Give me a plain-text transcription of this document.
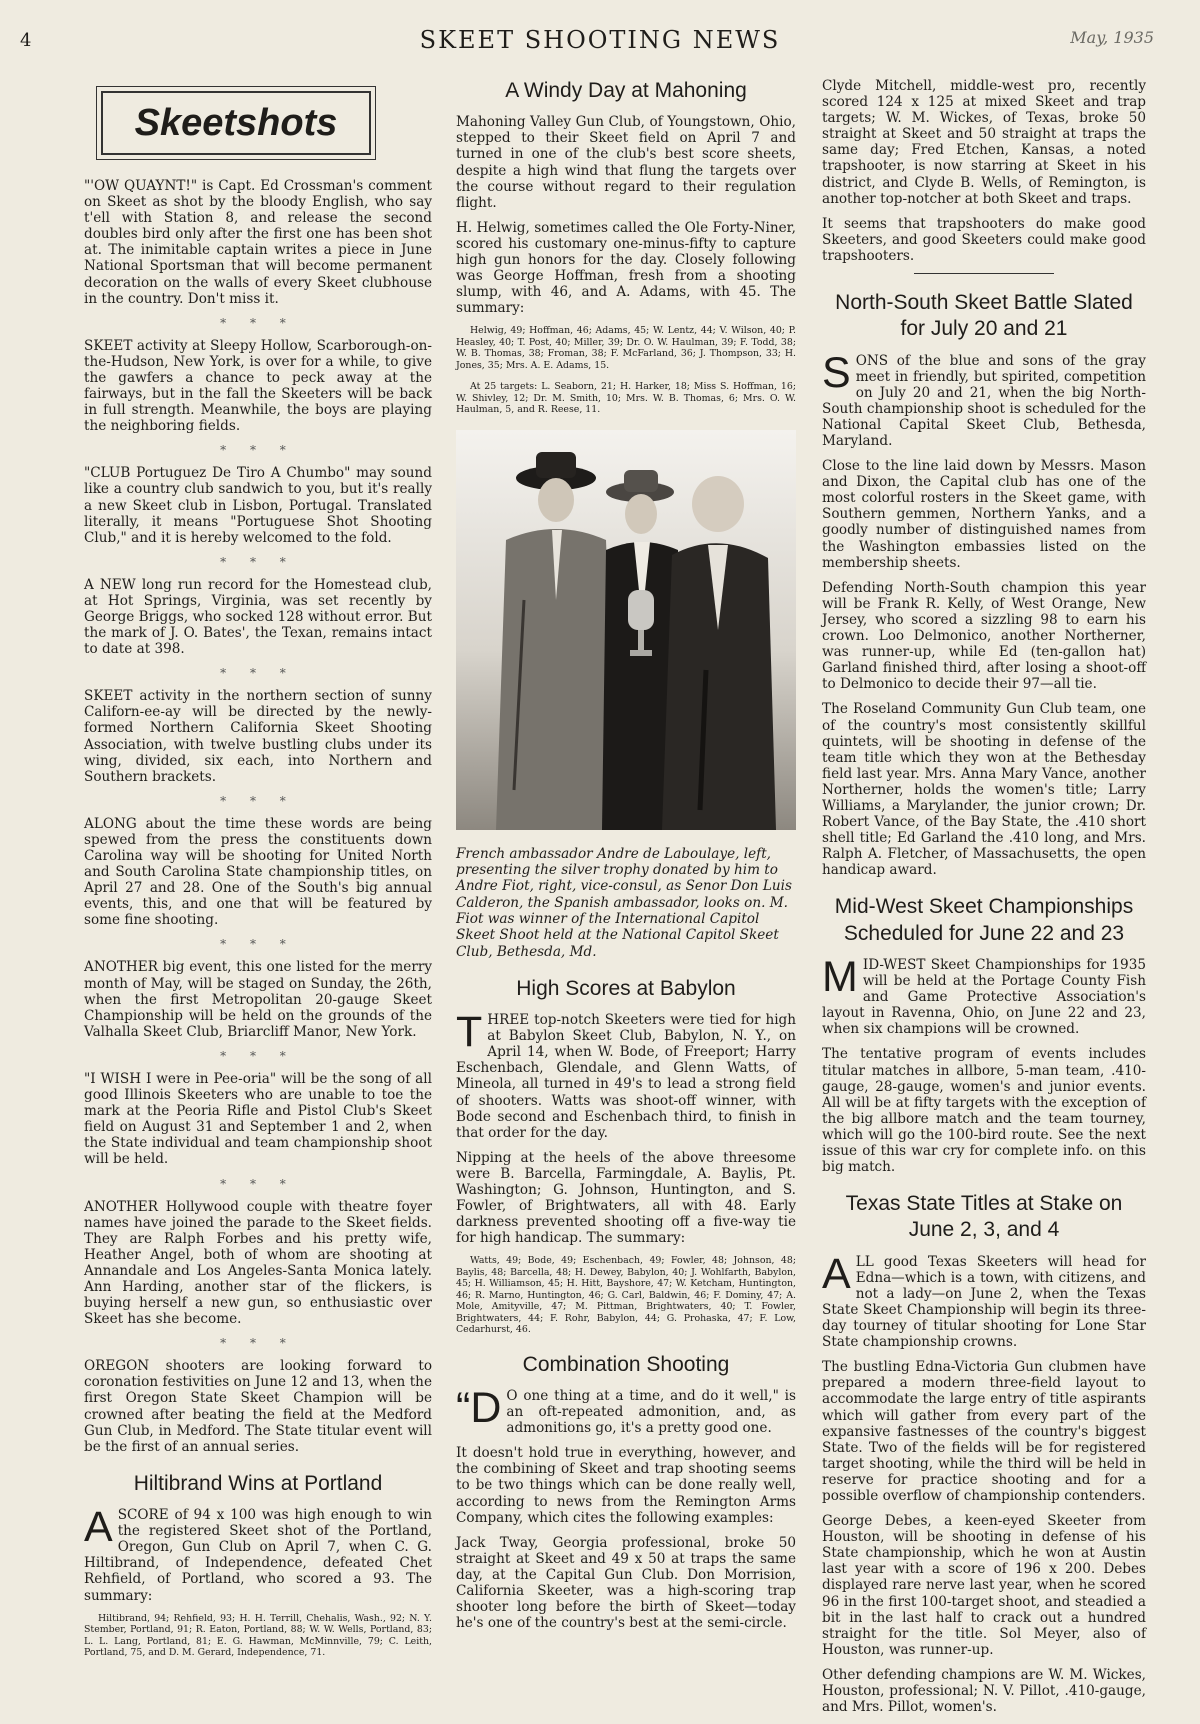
4	SKEET SHOOTING NEWS	May, 1935
Skeetshots

"'OW QUAYNT!" is Capt. Ed Crossman's comment on Skeet as shot by the bloody English, who say t'ell with Station 8, and release the second doubles bird only after the first one has been shot at. The inimitable captain writes a piece in June National Sportsman that will become permanent decoration on the walls of every Skeet clubhouse in the country. Don't miss it.

* * *

SKEET activity at Sleepy Hollow, Scarborough-on-the-Hudson, New York, is over for a while, to give the gawfers a chance to peck away at the fairways, but in the fall the Skeeters will be back in full strength. Meanwhile, the boys are playing the neighboring fields.

* * *

"CLUB Portuguez De Tiro A Chumbo" may sound like a country club sandwich to you, but it's really a new Skeet club in Lisbon, Portugal. Translated literally, it means "Portuguese Shot Shooting Club," and it is hereby welcomed to the fold.

* * *

A NEW long run record for the Homestead club, at Hot Springs, Virginia, was set recently by George Briggs, who socked 128 without error. But the mark of J. O. Bates', the Texan, remains intact to date at 398.

* * *

SKEET activity in the northern section of sunny Californ-ee-ay will be directed by the newly-formed Northern California Skeet Shooting Association, with twelve bustling clubs under its wing, divided, six each, into Northern and Southern brackets.

* * *

ALONG about the time these words are being spewed from the press the constituents down Carolina way will be shooting for United North and South Carolina State championship titles, on April 27 and 28. One of the South's big annual events, this, and one that will be featured by some fine shooting.

* * *

ANOTHER big event, this one listed for the merry month of May, will be staged on Sunday, the 26th, when the first Metropolitan 20-gauge Skeet Championship will be held on the grounds of the Valhalla Skeet Club, Briarcliff Manor, New York.

* * *

"I WISH I were in Pee-oria" will be the song of all good Illinois Skeeters who are unable to toe the mark at the Peoria Rifle and Pistol Club's Skeet field on August 31 and September 1 and 2, when the State individual and team championship shoot will be held.

* * *

ANOTHER Hollywood couple with theatre foyer names have joined the parade to the Skeet fields. They are Ralph Forbes and his pretty wife, Heather Angel, both of whom are shooting at Annandale and Los Angeles-Santa Monica lately. Ann Harding, another star of the flickers, is buying herself a new gun, so enthusiastic over Skeet has she become.

* * *

OREGON shooters are looking forward to coronation festivities on June 12 and 13, when the first Oregon State Skeet Champion will be crowned after beating the field at the Medford Gun Club, in Medford. The State titular event will be the first of an annual series.

Hiltibrand Wins at Portland

ASCORE of 94 x 100 was high enough to win the registered Skeet shot of the Portland, Oregon, Gun Club on April 7, when C. G. Hiltibrand, of Independence, defeated Chet Rehfield, of Portland, who scored a 93. The summary:

Hiltibrand, 94; Rehfield, 93; H. H. Terrill, Chehalis, Wash., 92; N. Y. Stember, Portland, 91; R. Eaton, Portland, 88; W. W. Wells, Portland, 83; L. L. Lang, Portland, 81; E. G. Hawman, McMinnville, 79; C. Leith, Portland, 75, and D. M. Gerard, Independence, 71.

A Windy Day at Mahoning

Mahoning Valley Gun Club, of Youngstown, Ohio, stepped to their Skeet field on April 7 and turned in one of the club's best score sheets, despite a high wind that flung the targets over the course without regard to their regulation flight.

H. Helwig, sometimes called the Ole Forty-Niner, scored his customary one-minus-fifty to capture high gun honors for the day. Closely following was George Hoffman, fresh from a shooting slump, with 46, and A. Adams, with 45. The summary:

Helwig, 49; Hoffman, 46; Adams, 45; W. Lentz, 44; V. Wilson, 40; P. Heasley, 40; T. Post, 40; Miller, 39; Dr. O. W. Haulman, 39; F. Todd, 38; W. B. Thomas, 38; Froman, 38; F. McFarland, 36; J. Thompson, 33; H. Jones, 35; Mrs. A. E. Adams, 15.

At 25 targets: L. Seaborn, 21; H. Harker, 18; Miss S. Hoffman, 16; W. Shivley, 12; Dr. M. Smith, 10; Mrs. W. B. Thomas, 6; Mrs. O. W. Haulman, 5, and R. Reese, 11.

French ambassador Andre de Laboulaye, left, presenting the silver trophy donated by him to Andre Fiot, right, vice-consul, as Senor Don Luis Calderon, the Spanish ambassador, looks on. M. Fiot was winner of the International Capitol Skeet Shoot held at the National Capitol Skeet Club, Bethesda, Md.

High Scores at Babylon

THREE top-notch Skeeters were tied for high at Babylon Skeet Club, Babylon, N. Y., on April 14, when W. Bode, of Freeport; Harry Eschenbach, Glendale, and Glenn Watts, of Mineola, all turned in 49's to lead a strong field of shooters. Watts was shoot-off winner, with Bode second and Eschenbach third, to finish in that order for the day.

Nipping at the heels of the above threesome were B. Barcella, Farmingdale, A. Baylis, Pt. Washington; G. Johnson, Huntington, and S. Fowler, of Brightwaters, all with 48. Early darkness prevented shooting off a five-way tie for high handicap. The summary:

Watts, 49; Bode, 49; Eschenbach, 49; Fowler, 48; Johnson, 48; Baylis, 48; Barcella, 48; H. Dewey, Babylon, 40; J. Wohlfarth, Babylon, 45; H. Williamson, 45; H. Hitt, Bayshore, 47; W. Ketcham, Huntington, 46; R. Marno, Huntington, 46; G. Carl, Baldwin, 46; F. Dominy, 47; A. Mole, Amityville, 47; M. Pittman, Brightwaters, 40; T. Fowler, Brightwaters, 44; F. Rohr, Babylon, 44; G. Prohaska, 47; F. Low, Cedarhurst, 46.

Combination Shooting

“D O one thing at a time, and do it well," is an oft-repeated admonition, and, as admonitions go, it's a pretty good one.

It doesn't hold true in everything, however, and the combining of Skeet and trap shooting seems to be two things which can be done really well, according to news from the Remington Arms Company, which cites the following examples:

Jack Tway, Georgia professional, broke 50 straight at Skeet and 49 x 50 at traps the same day, at the Capital Gun Club. Don Morrision, California Skeeter, was a high-scoring trap shooter long before the birth of Skeet—today he's one of the country's best at the semi-circle.

Clyde Mitchell, middle-west pro, recently scored 124 x 125 at mixed Skeet and trap targets; W. M. Wickes, of Texas, broke 50 straight at Skeet and 50 straight at traps the same day; Fred Etchen, Kansas, a noted trapshooter, is now starring at Skeet in his district, and Clyde B. Wells, of Remington, is another top-notcher at both Skeet and traps.

It seems that trapshooters do make good Skeeters, and good Skeeters could make good trapshooters.

North-South Skeet Battle Slated for July 20 and 21

SONS of the blue and sons of the gray meet in friendly, but spirited, competition on July 20 and 21, when the big North-South championship shoot is scheduled for the National Capital Skeet Club, Bethesda, Maryland.

Close to the line laid down by Messrs. Mason and Dixon, the Capital club has one of the most colorful rosters in the Skeet game, with Southern gemmen, Northern Yanks, and a goodly number of distinguished names from the Washington embassies listed on the membership sheets.

Defending North-South champion this year will be Frank R. Kelly, of West Orange, New Jersey, who scored a sizzling 98 to earn his crown. Loo Delmonico, another Northerner, was runner-up, while Ed (ten-gallon hat) Garland finished third, after losing a shoot-off to Delmonico to decide their 97—all tie.

The Roseland Community Gun Club team, one of the country's most consistently skillful quintets, will be shooting in defense of the team title which they won at the Bethesday field last year. Mrs. Anna Mary Vance, another Northerner, holds the women's title; Larry Williams, a Marylander, the junior crown; Dr. Robert Vance, of the Bay State, the .410 short shell title; Ed Garland the .410 long, and Mrs. Ralph A. Fletcher, of Massachusetts, the open handicap award.

Mid-West Skeet Championships Scheduled for June 22 and 23

MID-WEST Skeet Championships for 1935 will be held at the Portage County Fish and Game Protective Association's layout in Ravenna, Ohio, on June 22 and 23, when six champions will be crowned.

The tentative program of events includes titular matches in allbore, 5-man team, .410-gauge, 28-gauge, women's and junior events. All will be at fifty targets with the exception of the big allbore match and the team tourney, which will go the 100-bird route. See the next issue of this war cry for complete info. on this big match.

Texas State Titles at Stake on June 2, 3, and 4

ALL good Texas Skeeters will head for Edna—which is a town, with citizens, and not a lady—on June 2, when the Texas State Skeet Championship will begin its three-day tourney of titular shooting for Lone Star State championship crowns.

The bustling Edna-Victoria Gun clubmen have prepared a modern three-field layout to accommodate the large entry of title aspirants which will gather from every part of the expansive fastnesses of the country's biggest State. Two of the fields will be for registered target shooting, while the third will be held in reserve for practice shooting and for a possible overflow of championship contenders.

George Debes, a keen-eyed Skeeter from Houston, will be shooting in defense of his State championship, which he won at Austin last year with a score of 196 x 200. Debes displayed rare nerve last year, when he scored 96 in the first 100-target shoot, and steadied a bit in the last half to crack out a hundred straight for the title. Sol Meyer, also of Houston, was runner-up.

Other defending champions are W. M. Wickes, Houston, professional; N. V. Pillot, .410-gauge, and Mrs. Pillot, women's.
